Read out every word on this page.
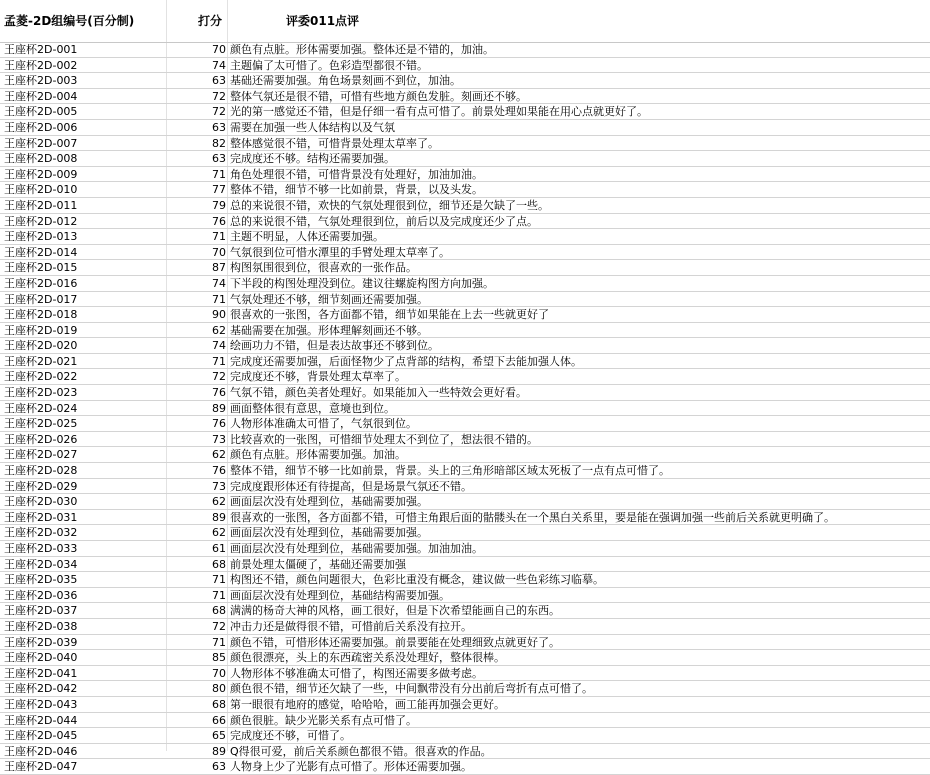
孟菱-2D组编号(百分制)	打分	评委011点评
王座杯2D-001	70 颜色有点脏。形体需要加强。整体还是不错的，加油。
王座杯2D-002	74 主题偏了太可惜了。色彩造型都很不错。
王座杯2D-003	63 基础还需要加强。角色场景刻画不到位，加油。
王座杯2D-004	72 整体气氛还是很不错，可惜有些地方颜色发脏。刻画还不够。
王座杯2D-005	72 光的第一感觉还不错，但是仔细一看有点可惜了。前景处理如果能在用心点就更好了。
王座杯2D-006	63 需要在加强一些人体结构以及气氛
王座杯2D-007	82 整体感觉很不错，可惜背景处理太草率了。
王座杯2D-008	63 完成度还不够。结构还需要加强。
王座杯2D-009	71 角色处理很不错，可惜背景没有处理好，加油加油。
王座杯2D-010	77 整体不错，细节不够一比如前景，背景，以及头发。
王座杯2D-011	79 总的来说很不错，欢快的气氛处理很到位，细节还是欠缺了一些。
王座杯2D-012	76 总的来说很不错，气氛处理很到位，前后以及完成度还少了点。
王座杯2D-013	71 主题不明显，人体还需要加强。
王座杯2D-014	70 气氛很到位可惜水潭里的手臂处理太草率了。
王座杯2D-015	87 构图氛围很到位，很喜欢的一张作品。
王座杯2D-016	74 下半段的构图处理没到位。建议往螺旋构图方向加强。
王座杯2D-017	71 气氛处理还不够，细节刻画还需要加强。
王座杯2D-018	90 很喜欢的一张图，各方面都不错，细节如果能在上去一些就更好了
王座杯2D-019	62 基础需要在加强。形体理解刻画还不够。
王座杯2D-020	74 绘画功力不错，但是表达故事还不够到位。
王座杯2D-021	71 完成度还需要加强，后面怪物少了点背部的结构，希望下去能加强人体。
王座杯2D-022	72 完成度还不够，背景处理太草率了。
王座杯2D-023	76 气氛不错，颜色美者处理好。如果能加入一些特效会更好看。
王座杯2D-024	89 画面整体很有意思，意境也到位。
王座杯2D-025	76 人物形体准确太可惜了，气氛很到位。
王座杯2D-026	73 比较喜欢的一张图，可惜细节处理太不到位了，想法很不错的。
王座杯2D-027	62 颜色有点脏。形体需要加强。加油。
王座杯2D-028	76 整体不错，细节不够一比如前景，背景。头上的三角形暗部区域太死板了一点有点可惜了。
王座杯2D-029	73 完成度跟形体还有待提高，但是场景气氛还不错。
王座杯2D-030	62 画面层次没有处理到位，基础需要加强。
王座杯2D-031	89 很喜欢的一张图，各方面都不错，可惜主角跟后面的骷髅头在一个黑白关系里，要是能在强调加强一些前后关系就更明确了。
王座杯2D-032	62 画面层次没有处理到位，基础需要加强。
王座杯2D-033	61 画面层次没有处理到位，基础需要加强。加油加油。
王座杯2D-034	68 前景处理太僵硬了，基础还需要加强
王座杯2D-035	71 构图还不错，颜色问题很大，色彩比重没有概念，建议做一些色彩练习临摹。
王座杯2D-036	71 画面层次没有处理到位，基础结构需要加强。
王座杯2D-037	68 满满的杨奇大神的风格，画工很好，但是下次希望能画自己的东西。
王座杯2D-038	72 冲击力还是做得很不错，可惜前后关系没有拉开。
王座杯2D-039	71 颜色不错，可惜形体还需要加强。前景要能在处理细致点就更好了。
王座杯2D-040	85 颜色很漂亮，头上的东西疏密关系没处理好，整体很棒。
王座杯2D-041	70 人物形体不够准确太可惜了，构图还需要多做考虑。
王座杯2D-042	80 颜色很不错，细节还欠缺了一些，中间飘带没有分出前后弯折有点可惜了。
王座杯2D-043	68 第一眼很有地府的感觉，哈哈哈，画工能再加强会更好。
王座杯2D-044	66 颜色很脏。缺少光影关系有点可惜了。
王座杯2D-045	65 完成度还不够，可惜了。
王座杯2D-046	89 Q得很可爱，前后关系颜色都很不错。很喜欢的作品。
王座杯2D-047	63 人物身上少了光影有点可惜了。形体还需要加强。
